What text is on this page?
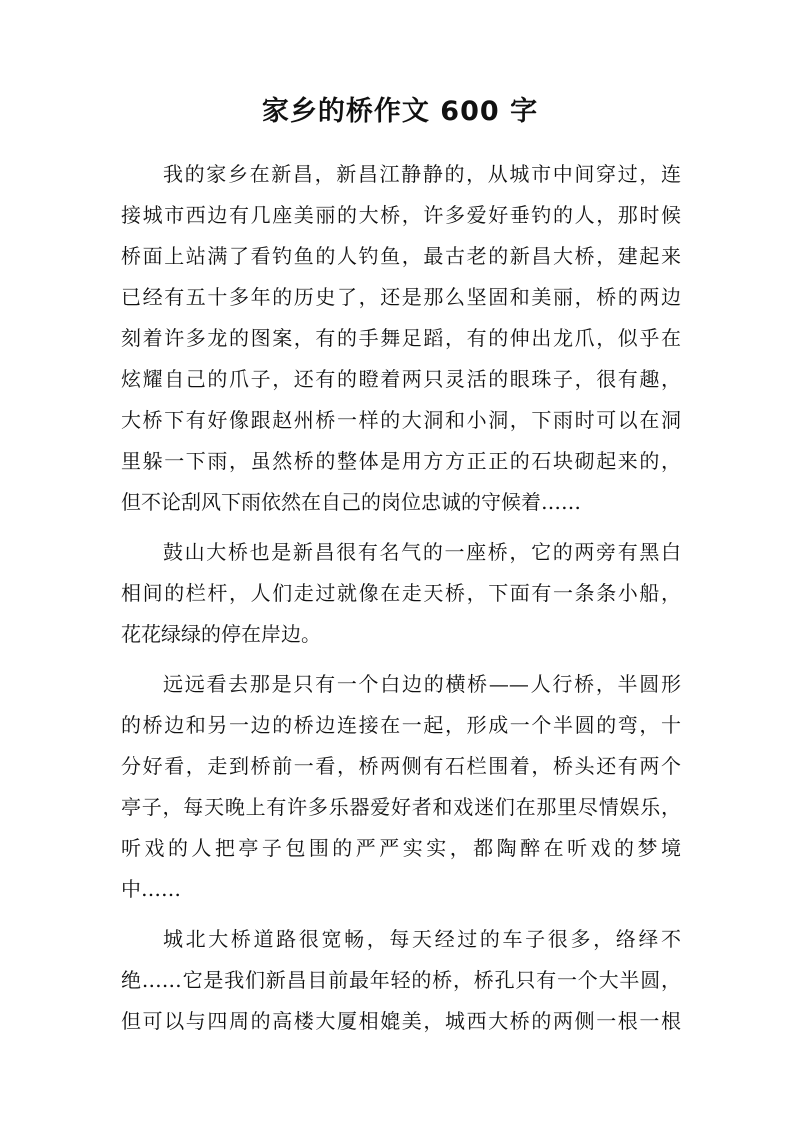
家乡的桥作文 600 字
我的家乡在新昌，新昌江静静的，从城市中间穿过，连
接城市西边有几座美丽的大桥，许多爱好垂钓的人，那时候
桥面上站满了看钓鱼的人钓鱼，最古老的新昌大桥，建起来
已经有五十多年的历史了，还是那么坚固和美丽，桥的两边
刻着许多龙的图案，有的手舞足蹈，有的伸出龙爪，似乎在
炫耀自己的爪子，还有的瞪着两只灵活的眼珠子，很有趣，
大桥下有好像跟赵州桥一样的大洞和小洞，下雨时可以在洞
里躲一下雨，虽然桥的整体是用方方正正的石块砌起来的，
但不论刮风下雨依然在自己的岗位忠诚的守候着……
鼓山大桥也是新昌很有名气的一座桥，它的两旁有黑白
相间的栏杆，人们走过就像在走天桥，下面有一条条小船，
花花绿绿的停在岸边。
远远看去那是只有一个白边的横桥——人行桥，半圆形
的桥边和另一边的桥边连接在一起，形成一个半圆的弯，十
分好看，走到桥前一看，桥两侧有石栏围着，桥头还有两个
亭子，每天晚上有许多乐器爱好者和戏迷们在那里尽情娱乐，
听戏的人把亭子包围的严严实实，都陶醉在听戏的梦境
中……
城北大桥道路很宽畅，每天经过的车子很多，络绎不
绝……它是我们新昌目前最年轻的桥，桥孔只有一个大半圆，
但可以与四周的高楼大厦相媲美，城西大桥的两侧一根一根
